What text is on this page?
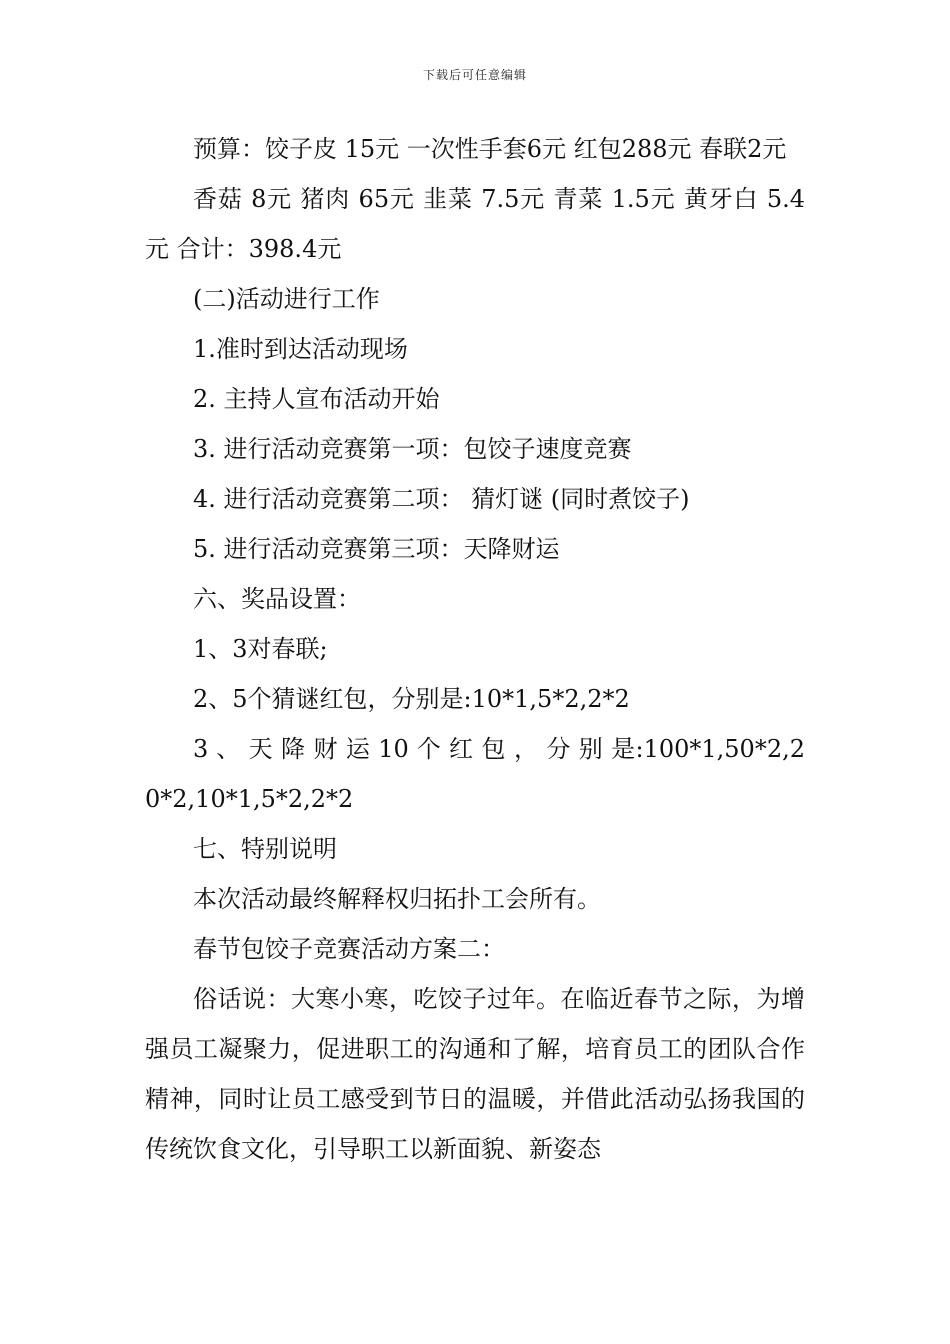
下载后可任意编辑

预算：饺子皮 15元 一次性手套6元 红包288元 春联2元

香菇 8元 猪肉 65元 韭菜 7.5元 青菜 1.5元 黄牙白 5.4元 合计：398.4元

(二)活动进行工作

1.准时到达活动现场

2. 主持人宣布活动开始

3. 进行活动竞赛第一项：包饺子速度竞赛

4. 进行活动竞赛第二项： 猜灯谜 (同时煮饺子)

5. 进行活动竞赛第三项：天降财运

六、奖品设置：

1、3对春联;

2、5个猜谜红包，分别是:10*1,5*2,2*2

3 、 天 降 财 运 10 个 红 包 ， 分 别 是:100*1,50*2,20*2,10*1,5*2,2*2

七、特别说明

本次活动最终解释权归拓扑工会所有。

春节包饺子竞赛活动方案二：

俗话说：大寒小寒，吃饺子过年。在临近春节之际，为增强员工凝聚力，促进职工的沟通和了解，培育员工的团队合作精神，同时让员工感受到节日的温暖，并借此活动弘扬我国的传统饮食文化，引导职工以新面貌、新姿态
